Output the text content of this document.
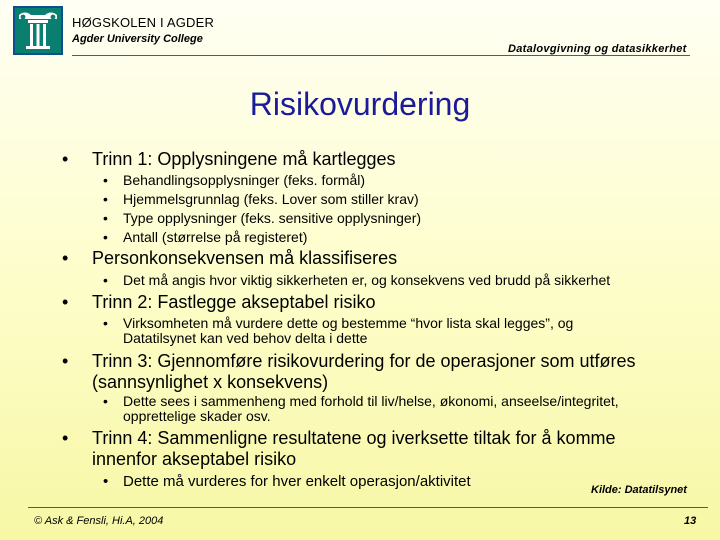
HØGSKOLEN I AGDER
Agder University College
Datalovgivning og datasikkerhet
Risikovurdering
• Trinn 1: Opplysningene må kartlegges
• Behandlingsopplysninger (feks. formål)
• Hjemmelsgrunnlag (feks. Lover som stiller krav)
• Type opplysninger (feks. sensitive opplysninger)
• Antall (størrelse på registeret)
• Personkonsekvensen må klassifiseres
• Det må angis hvor viktig sikkerheten er, og konsekvens ved brudd på sikkerhet
• Trinn 2: Fastlegge akseptabel risiko
• Virksomheten må vurdere dette og bestemme “hvor lista skal legges”, og
Datatilsynet kan ved behov delta i dette
• Trinn 3: Gjennomføre risikovurdering for de operasjoner som utføres
(sannsynlighet x konsekvens)
• Dette sees i sammenheng med forhold til liv/helse, økonomi, anseelse/integritet,
opprettelige skader osv.
• Trinn 4: Sammenligne resultatene og iverksette tiltak for å komme
innenfor akseptabel risiko
• Dette må vurderes for hver enkelt operasjon/aktivitet	Kilde: Datatilsynet
© Ask & Fensli, Hi.A, 2004	13
